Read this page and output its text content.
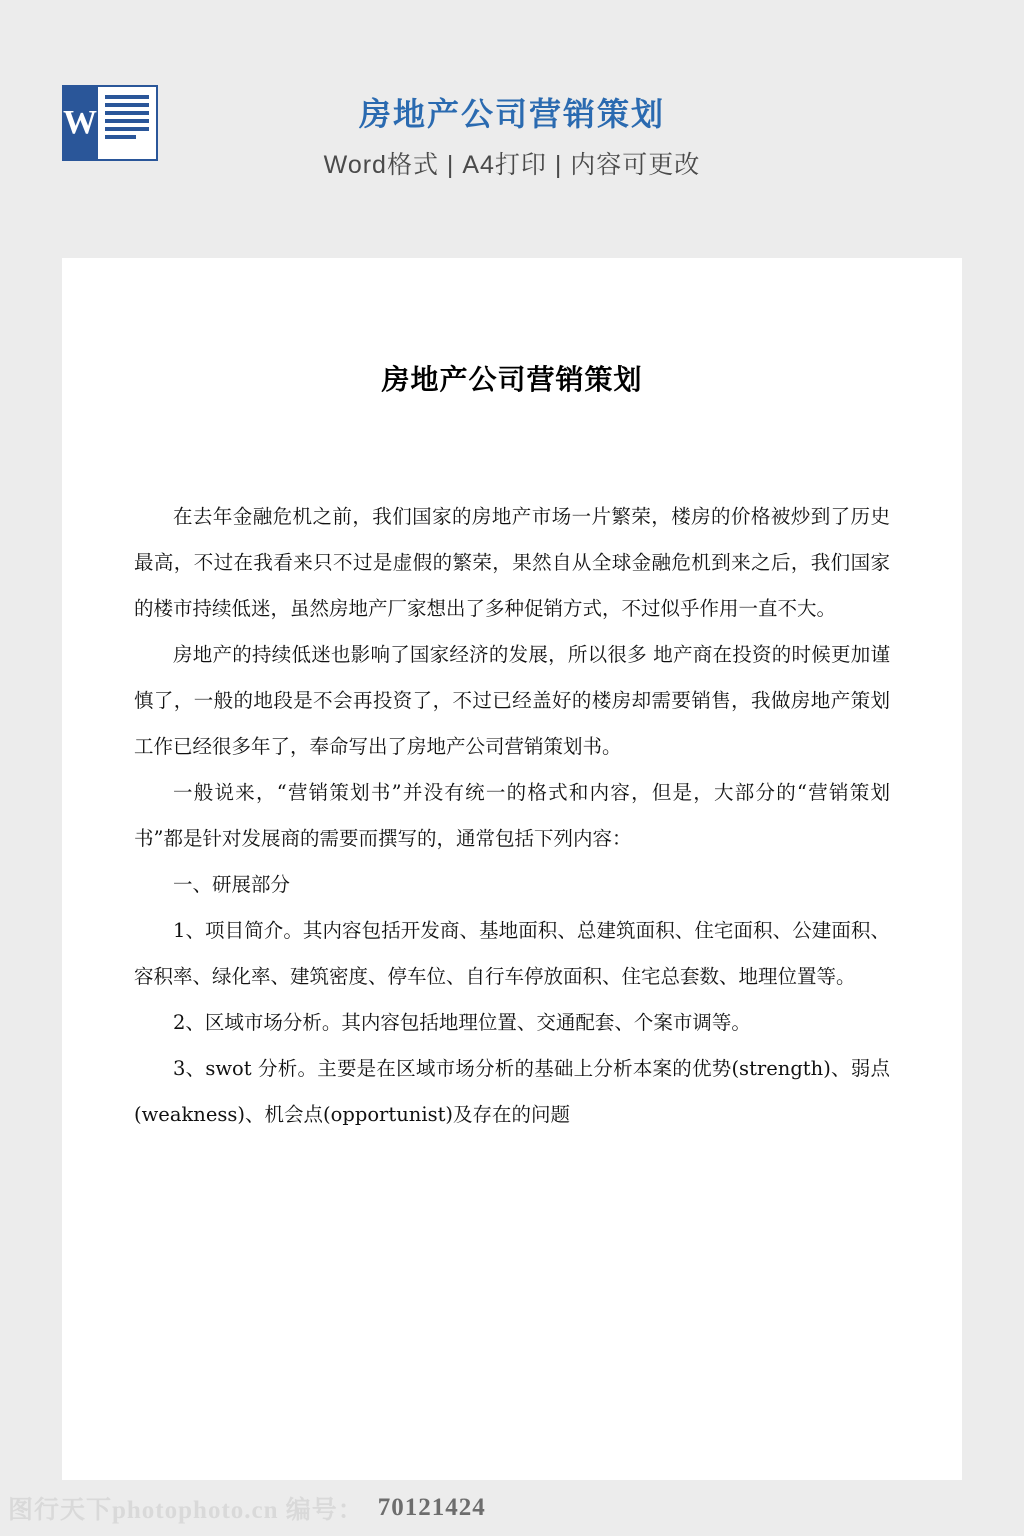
W	房地产公司营销策划
Word格式 | A4打印 | 内容可更改
房地产公司营销策划

在去年金融危机之前，我们国家的房地产市场一片繁荣，楼房的价格被炒到了历史最高，不过在我看来只不过是虚假的繁荣，果然自从全球金融危机到来之后，我们国家的楼市持续低迷，虽然房地产厂家想出了多种促销方式，不过似乎作用一直不大。

房地产的持续低迷也影响了国家经济的发展，所以很多 地产商在投资的时候更加谨慎了，一般的地段是不会再投资了，不过已经盖好的楼房却需要销售，我做房地产策划工作已经很多年了，奉命写出了房地产公司营销策划书。

一般说来，“营销策划书”并没有统一的格式和内容，但是，大部分的“营销策划书”都是针对发展商的需要而撰写的，通常包括下列内容：

一、研展部分

1、项目简介。其内容包括开发商、基地面积、总建筑面积、住宅面积、公建面积、容积率、绿化率、建筑密度、停车位、自行车停放面积、住宅总套数、地理位置等。

2、区域市场分析。其内容包括地理位置、交通配套、个案市调等。

3、swot 分析。主要是在区域市场分析的基础上分析本案的优势(strength)、弱点(weakness)、机会点(opportunist)及存在的问题

图行天下photophoto.cn 编号： 70121424
